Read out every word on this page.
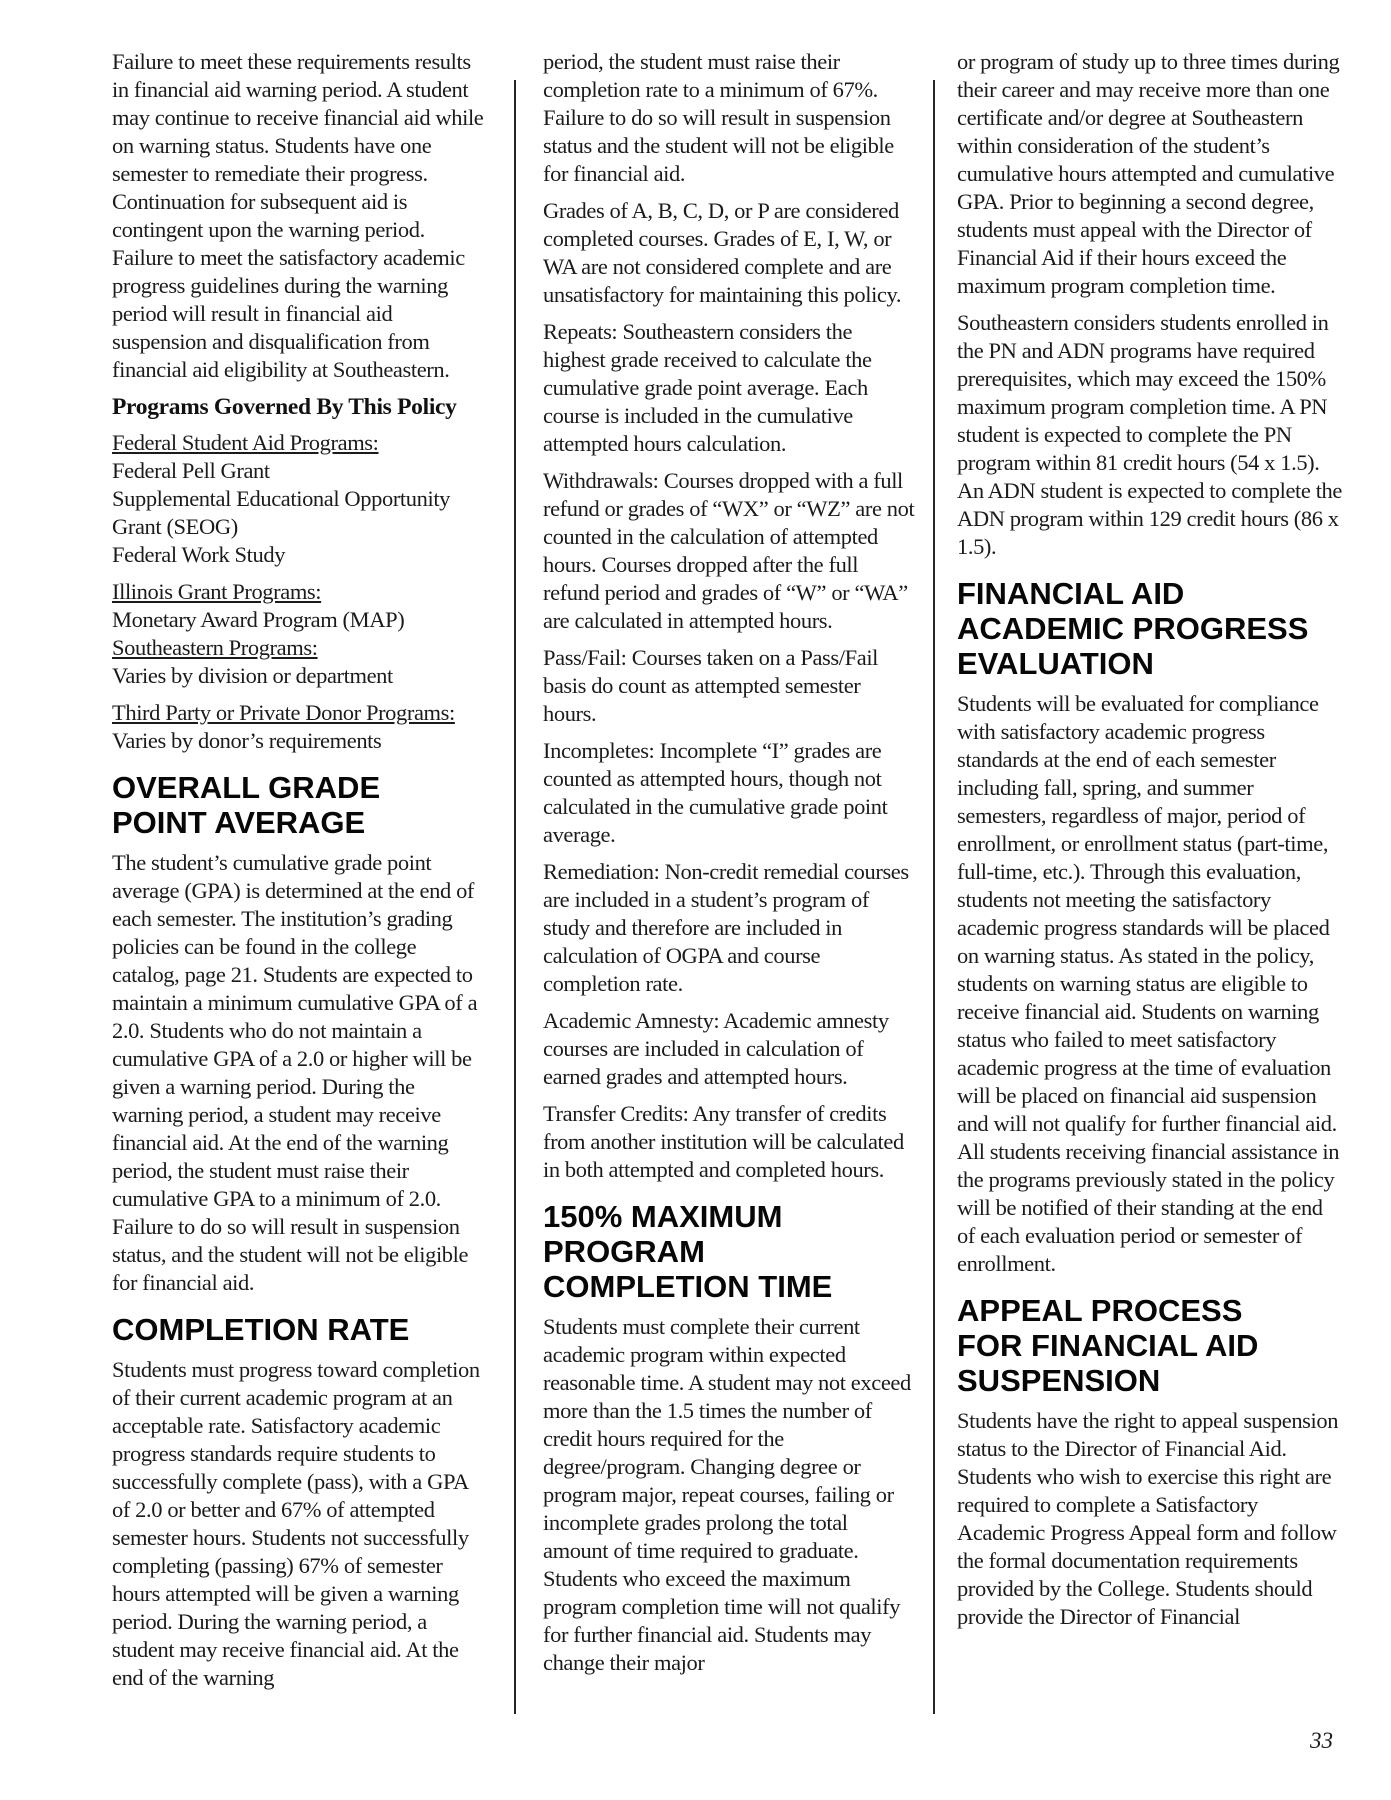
Failure to meet these requirements results in financial aid warning period. A student may continue to receive financial aid while on warning status. Students have one semester to remediate their progress. Continuation for subsequent aid is contingent upon the warning period. Failure to meet the satisfactory academic progress guidelines during the warning period will result in financial aid suspension and disqualification from financial aid eligibility at Southeastern.

Programs Governed By This Policy
Federal Student Aid Programs:
Federal Pell Grant
Supplemental Educational Opportunity Grant (SEOG)
Federal Work Study
Illinois Grant Programs:
Monetary Award Program (MAP)
Southeastern Programs:
Varies by division or department
Third Party or Private Donor Programs:
Varies by donor’s requirements
OVERALL GRADE
POINT AVERAGE

The student’s cumulative grade point average (GPA) is determined at the end of each semester. The institution’s grading policies can be found in the college catalog, page 21. Students are expected to maintain a minimum cumulative GPA of a 2.0. Students who do not maintain a cumulative GPA of a 2.0 or higher will be given a warning period. During the warning period, a student may receive financial aid. At the end of the warning period, the student must raise their cumulative GPA to a minimum of 2.0. Failure to do so will result in suspension status, and the student will not be eligible for financial aid.

COMPLETION RATE

Students must progress toward completion of their current academic program at an acceptable rate. Satisfactory academic progress standards require students to successfully complete (pass), with a GPA of 2.0 or better and 67% of attempted semester hours. Students not successfully completing (passing) 67% of semester hours attempted will be given a warning period. During the warning period, a student may receive financial aid. At the end of the warning

period, the student must raise their completion rate to a minimum of 67%. Failure to do so will result in suspension status and the student will not be eligible for financial aid.

Grades of A, B, C, D, or P are considered completed courses. Grades of E, I, W, or WA are not considered complete and are unsatisfactory for maintaining this policy.

Repeats: Southeastern considers the highest grade received to calculate the cumulative grade point average. Each course is included in the cumulative attempted hours calculation.

Withdrawals: Courses dropped with a full refund or grades of “WX” or “WZ” are not counted in the calculation of attempted hours. Courses dropped after the full refund period and grades of “W” or “WA” are calculated in attempted hours.

Pass/Fail: Courses taken on a Pass/Fail basis do count as attempted semester hours.

Incompletes: Incomplete “I” grades are counted as attempted hours, though not calculated in the cumulative grade point average.

Remediation: Non-credit remedial courses are included in a student’s program of study and therefore are included in calculation of OGPA and course completion rate.

Academic Amnesty: Academic amnesty courses are included in calculation of earned grades and attempted hours.

Transfer Credits: Any transfer of credits from another institution will be calculated in both attempted and completed hours.

150% MAXIMUM
PROGRAM
COMPLETION TIME

Students must complete their current academic program within expected reasonable time. A student may not exceed more than the 1.5 times the number of credit hours required for the degree/program. Changing degree or program major, repeat courses, failing or incomplete grades prolong the total amount of time required to graduate. Students who exceed the maximum program completion time will not qualify for further financial aid. Students may change their major

or program of study up to three times during their career and may receive more than one certificate and/or degree at Southeastern within consideration of the student’s cumulative hours attempted and cumulative GPA. Prior to beginning a second degree, students must appeal with the Director of Financial Aid if their hours exceed the maximum program completion time.

Southeastern considers students enrolled in the PN and ADN programs have required prerequisites, which may exceed the 150% maximum program completion time. A PN student is expected to complete the PN program within 81 credit hours (54 x 1.5). An ADN student is expected to complete the ADN program within 129 credit hours (86 x 1.5).

FINANCIAL AID
ACADEMIC PROGRESS
EVALUATION

Students will be evaluated for compliance with satisfactory academic progress standards at the end of each semester including fall, spring, and summer semesters, regardless of major, period of enrollment, or enrollment status (part-time, full-time, etc.). Through this evaluation, students not meeting the satisfactory academic progress standards will be placed on warning status. As stated in the policy, students on warning status are eligible to receive financial aid. Students on warning status who failed to meet satisfactory academic progress at the time of evaluation will be placed on financial aid suspension and will not qualify for further financial aid. All students receiving financial assistance in the programs previously stated in the policy will be notified of their standing at the end of each evaluation period or semester of enrollment.

APPEAL PROCESS
FOR FINANCIAL AID
SUSPENSION

Students have the right to appeal suspension status to the Director of Financial Aid. Students who wish to exercise this right are required to complete a Satisfactory Academic Progress Appeal form and follow the formal documentation requirements provided by the College. Students should provide the Director of Financial

33
